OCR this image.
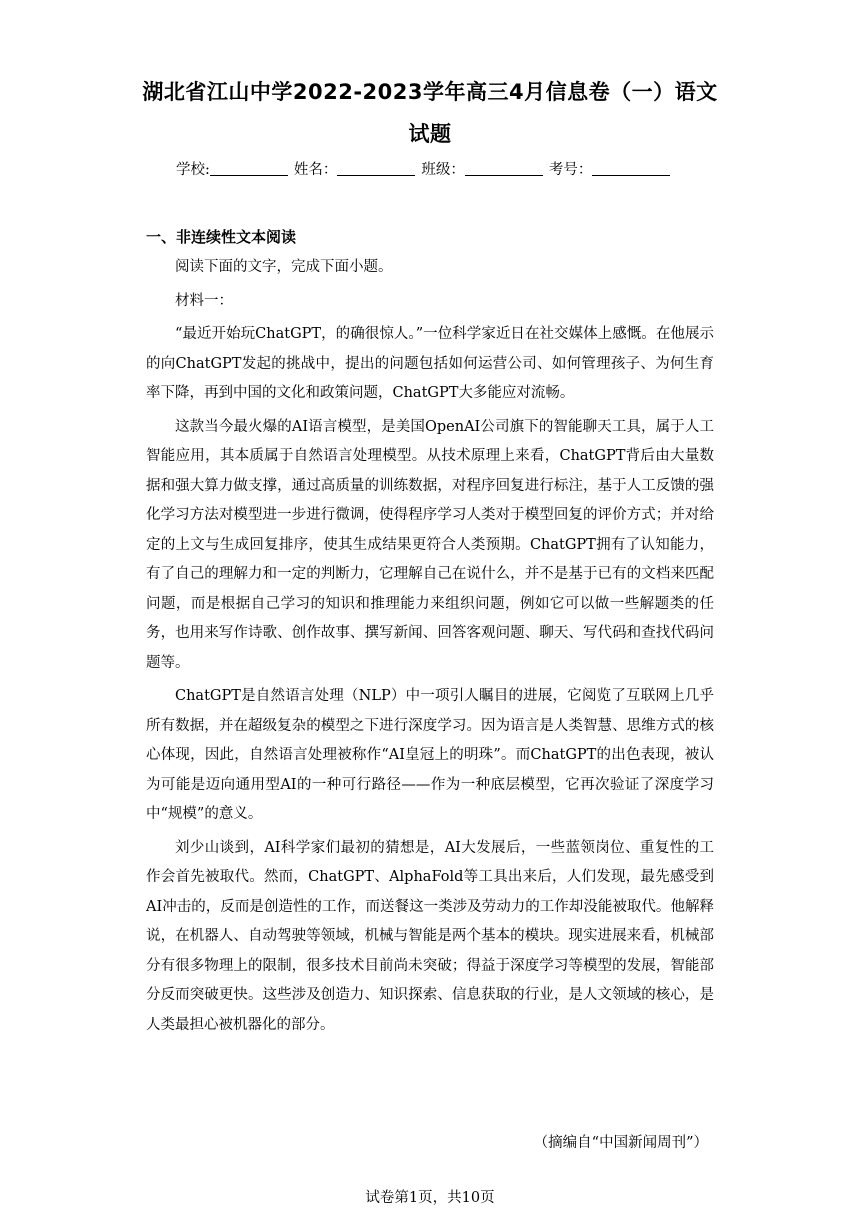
湖北省江山中学2022-2023学年高三4月信息卷（一）语文
试题
学校:	姓名：	班级：	考号：
一、非连续性文本阅读

阅读下面的文字，完成下面小题。

材料一：

“最近开始玩ChatGPT，的确很惊人。”一位科学家近日在社交媒体上感慨。在他展示的向ChatGPT发起的挑战中，提出的问题包括如何运营公司、如何管理孩子、为何生育率下降，再到中国的文化和政策问题，ChatGPT大多能应对流畅。

这款当今最火爆的AI语言模型，是美国OpenAI公司旗下的智能聊天工具，属于人工智能应用，其本质属于自然语言处理模型。从技术原理上来看，ChatGPT背后由大量数据和强大算力做支撑，通过高质量的训练数据，对程序回复进行标注，基于人工反馈的强化学习方法对模型进一步进行微调，使得程序学习人类对于模型回复的评价方式；并对给定的上文与生成回复排序，使其生成结果更符合人类预期。ChatGPT拥有了认知能力，有了自己的理解力和一定的判断力，它理解自己在说什么，并不是基于已有的文档来匹配问题，而是根据自己学习的知识和推理能力来组织问题，例如它可以做一些解题类的任务，也用来写作诗歌、创作故事、撰写新闻、回答客观问题、聊天、写代码和查找代码问题等。

ChatGPT是自然语言处理（NLP）中一项引人瞩目的进展，它阅览了互联网上几乎所有数据，并在超级复杂的模型之下进行深度学习。因为语言是人类智慧、思维方式的核心体现，因此，自然语言处理被称作“AI皇冠上的明珠”。而ChatGPT的出色表现，被认为可能是迈向通用型AI的一种可行路径——作为一种底层模型，它再次验证了深度学习中“规模”的意义。

刘少山谈到，AI科学家们最初的猜想是，AI大发展后，一些蓝领岗位、重复性的工作会首先被取代。然而，ChatGPT、AlphaFold等工具出来后，人们发现，最先感受到AI冲击的，反而是创造性的工作，而送餐这一类涉及劳动力的工作却没能被取代。他解释说，在机器人、自动驾驶等领域，机械与智能是两个基本的模块。现实进展来看，机械部分有很多物理上的限制，很多技术目前尚未突破；得益于深度学习等模型的发展，智能部分反而突破更快。这些涉及创造力、知识探索、信息获取的行业，是人文领域的核心，是人类最担心被机器化的部分。

（摘编自“中国新闻周刊”）
试卷第1页，共10页
